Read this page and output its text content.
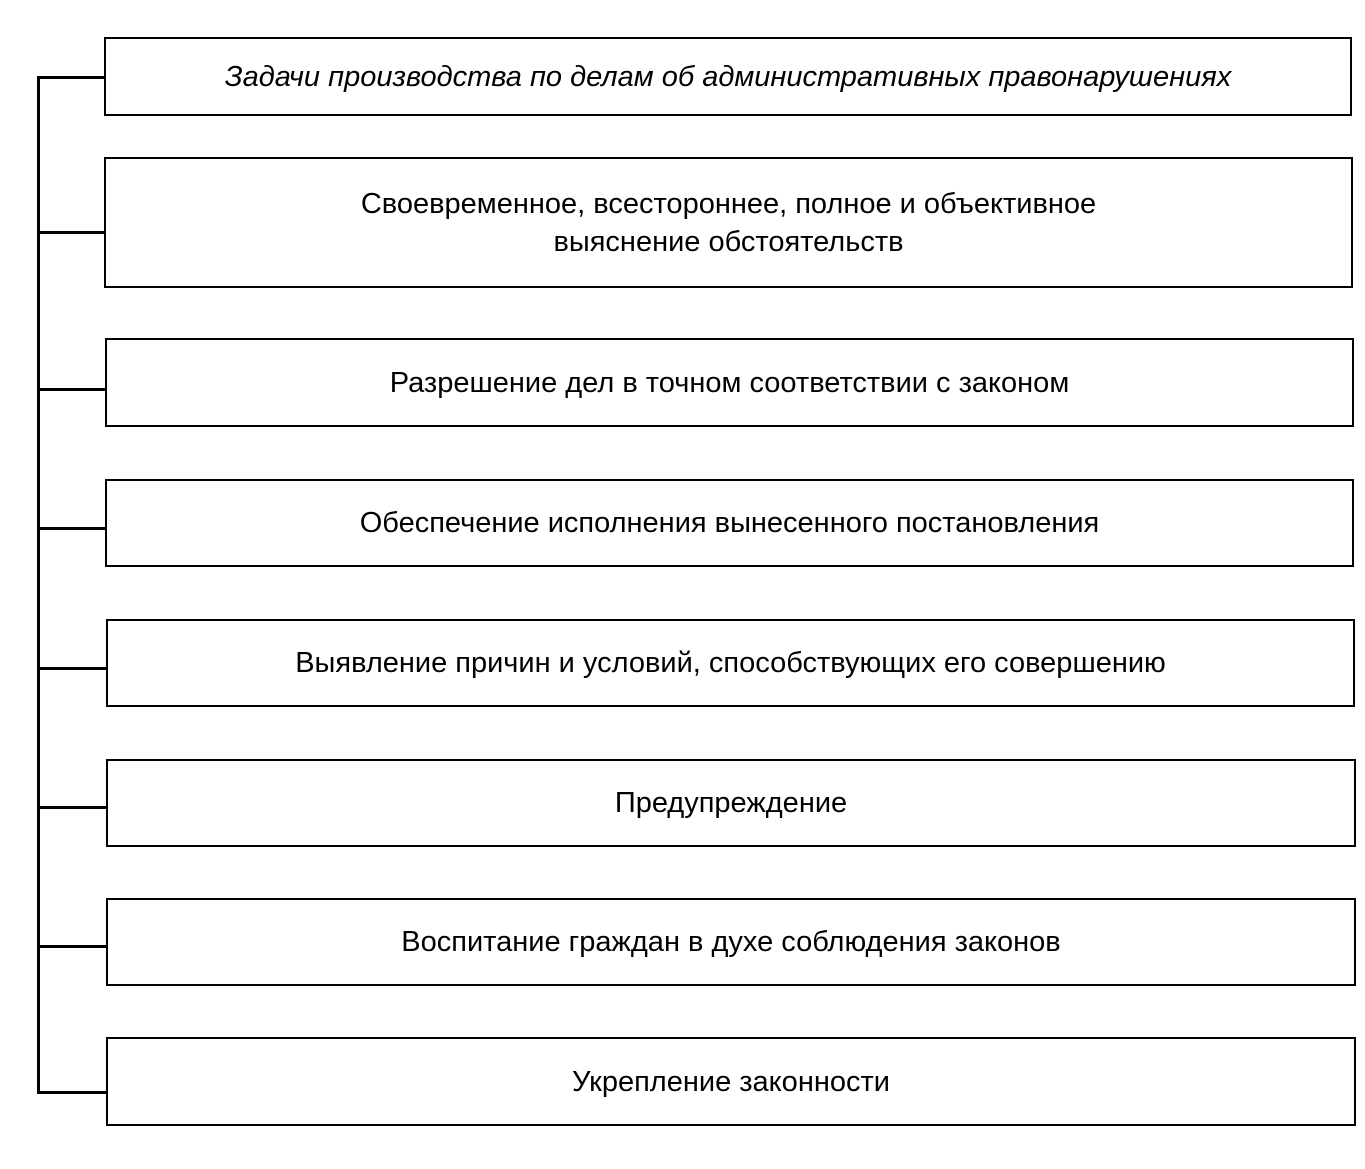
Задачи производства по делам об административных правонарушениях
Своевременное, всестороннее, полное и объективное выяснение обстоятельств
Разрешение дел в точном соответствии с законом
Обеспечение исполнения вынесенного постановления
Выявление причин и условий, способствующих его совершению
Предупреждение
Воспитание граждан в духе соблюдения законов
Укрепление законности
